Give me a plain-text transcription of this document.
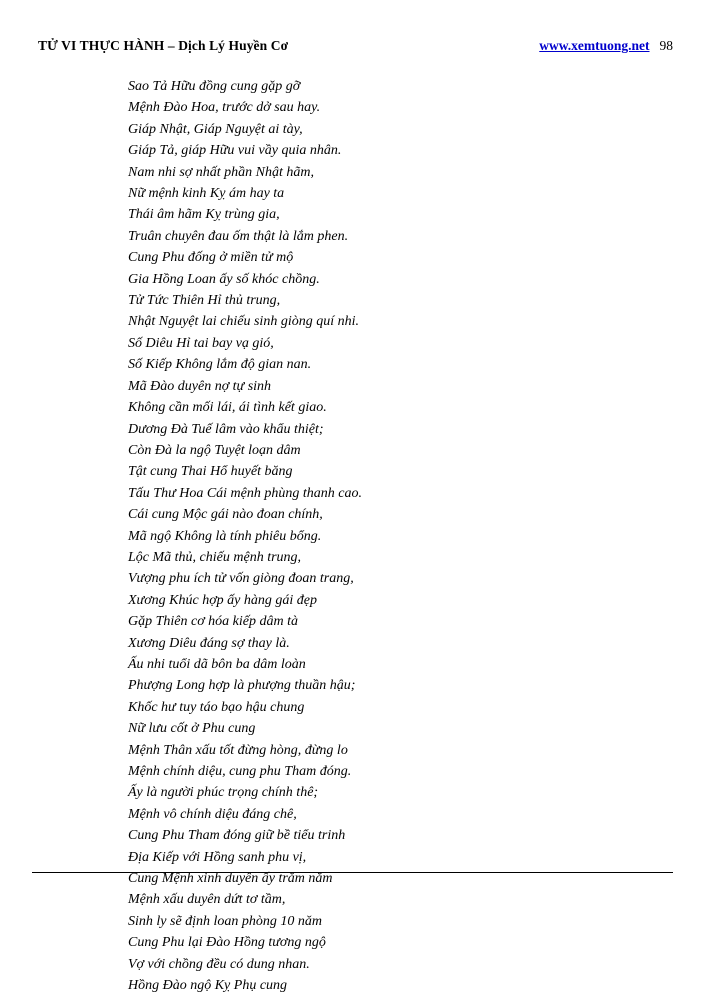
TỬ VI THỰC HÀNH – Dịch Lý Huyền Cơ	www.xemtuong.net 98
Sao Tả Hữu đồng cung gặp gỡ
Mệnh Đào Hoa, trước dở sau hay.
Giáp Nhật, Giáp Nguyệt ai tày,
Giáp Tả, giáp Hữu vui vầy quia nhân.
Nam nhi sợ nhất phần Nhật hãm,
Nữ mệnh kinh Kỵ ám hay ta
Thái âm hãm Kỵ trùng gia,
Truân chuyên đau ốm thật là lắm phen.
Cung Phu đống ở miền tử mộ
Gia Hồng Loan ấy số khóc chồng.
Tử Tức Thiên Hỉ thủ trung,
Nhật Nguyệt lai chiếu sinh giòng quí nhi.
Số Diêu Hỉ tai bay vạ gió,
Số Kiếp Không lắm độ gian nan.
Mã Đào duyên nợ tự sinh
Không cần mối lái, ái tình kết giao.
Dương Đà Tuế lâm vào khẩu thiệt;
Còn Đà la ngộ Tuyệt loạn dâm
Tật cung Thai Hổ huyết băng
Tấu Thư Hoa Cái mệnh phùng thanh cao.
Cái cung Mộc gái nào đoan chính,
Mã ngộ Không là tính phiêu bổng.
Lộc Mã thủ, chiếu mệnh trung,
Vượng phu ích tử vốn giòng đoan trang,
Xương Khúc hợp ấy hàng gái đẹp
Gặp Thiên cơ hóa kiếp dâm tà
Xương Diêu đáng sợ thay là.
Ấu nhi tuổi dã bôn ba dâm loàn
Phượng Long hợp là phượng thuần hậu;
Khốc hư tuy táo bạo hậu chung
Nữ lưu cốt ở Phu cung
Mệnh Thân xấu tốt đừng hòng, đừng lo
Mệnh chính diệu, cung phu Tham đóng.
Ấy là người phúc trọng chính thê;
Mệnh vô chính diệu đáng chê,
Cung Phu Tham đóng giữ bề tiểu trinh
Địa Kiếp với Hồng sanh phu vị,
Cung Mệnh xinh duyên ấy trăm năm
Mệnh xấu duyên dứt tơ tầm,
Sinh ly sẽ định loan phòng 10 năm
Cung Phu lại Đào Hồng tương ngộ
Vợ với chồng đều có dung nhan.
Hồng Đào ngộ Kỵ Phụ cung
